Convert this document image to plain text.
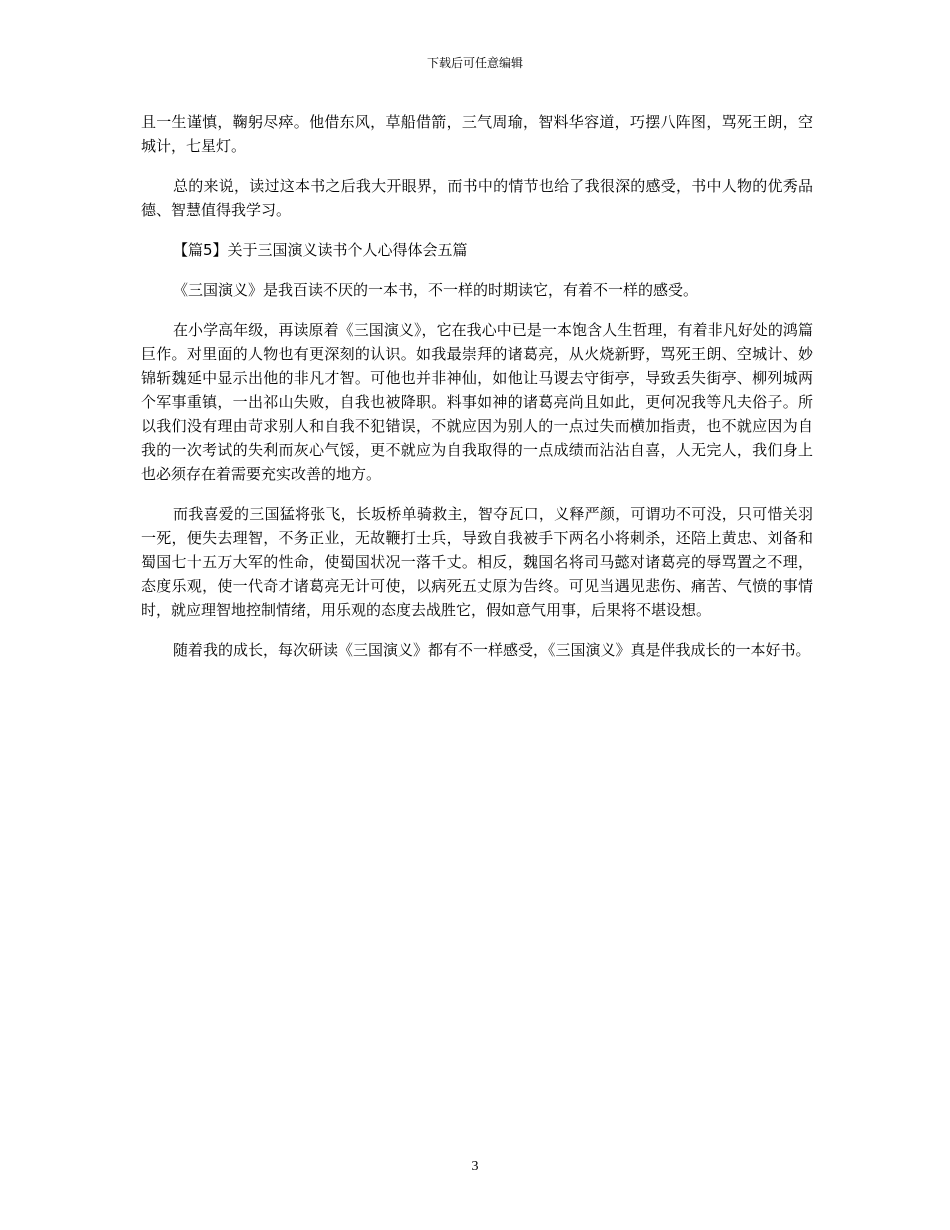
下载后可任意编辑

且一生谨慎，鞠躬尽瘁。他借东风，草船借箭，三气周瑜，智料华容道，巧摆八阵图，骂死王朗，空城计，七星灯。

总的来说，读过这本书之后我大开眼界，而书中的情节也给了我很深的感受，书中人物的优秀品德、智慧值得我学习。

【篇5】关于三国演义读书个人心得体会五篇

《三国演义》是我百读不厌的一本书，不一样的时期读它，有着不一样的感受。

在小学高年级，再读原着《三国演义》，它在我心中已是一本饱含人生哲理，有着非凡好处的鸿篇巨作。对里面的人物也有更深刻的认识。如我最崇拜的诸葛亮，从火烧新野，骂死王朗、空城计、妙锦斩魏延中显示出他的非凡才智。可他也并非神仙，如他让马谡去守街亭，导致丢失街亭、柳列城两个军事重镇，一出祁山失败，自我也被降职。料事如神的诸葛亮尚且如此，更何况我等凡夫俗子。所以我们没有理由苛求别人和自我不犯错误，不就应因为别人的一点过失而横加指责，也不就应因为自我的一次考试的失利而灰心气馁，更不就应为自我取得的一点成绩而沾沾自喜，人无完人，我们身上也必须存在着需要充实改善的地方。

而我喜爱的三国猛将张飞，长坂桥单骑救主，智夺瓦口，义释严颜，可谓功不可没，只可惜关羽一死，便失去理智，不务正业，无故鞭打士兵，导致自我被手下两名小将刺杀，还陪上黄忠、刘备和蜀国七十五万大军的性命，使蜀国状况一落千丈。相反，魏国名将司马懿对诸葛亮的辱骂置之不理，态度乐观，使一代奇才诸葛亮无计可使，以病死五丈原为告终。可见当遇见悲伤、痛苦、气愤的事情时，就应理智地控制情绪，用乐观的态度去战胜它，假如意气用事，后果将不堪设想。

随着我的成长，每次研读《三国演义》都有不一样感受，《三国演义》真是伴我成长的一本好书。

3
